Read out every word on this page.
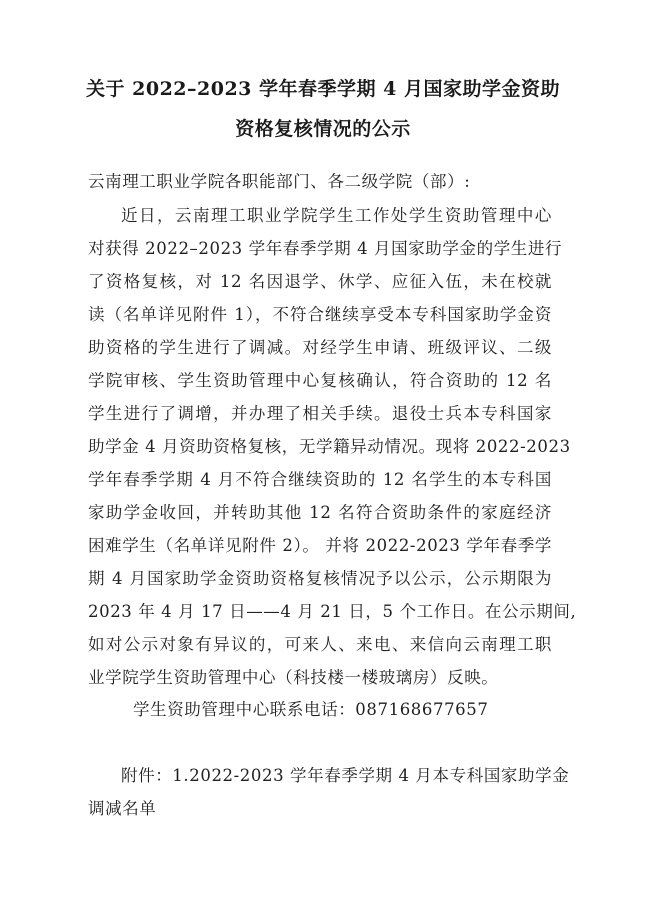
关于 2022–2023 学年春季学期 4 月国家助学金资助
资格复核情况的公示
云南理工职业学院各职能部门、各二级学院（部）:
近日，云南理工职业学院学生工作处学生资助管理中心
对获得 2022–2023 学年春季学期 4 月国家助学金的学生进行
了资格复核，对 12 名因退学、休学、应征入伍，未在校就
读（名单详见附件 1），不符合继续享受本专科国家助学金资
助资格的学生进行了调减。对经学生申请、班级评议、二级
学院审核、学生资助管理中心复核确认，符合资助的 12 名
学生进行了调增，并办理了相关手续。退役士兵本专科国家
助学金 4 月资助资格复核，无学籍异动情况。现将 2022-2023
学年春季学期 4 月不符合继续资助的 12 名学生的本专科国
家助学金收回，并转助其他 12 名符合资助条件的家庭经济
困难学生（名单详见附件 2）。 并将 2022-2023 学年春季学
期 4 月国家助学金资助资格复核情况予以公示，公示期限为
2023 年 4 月 17 日——4 月 21 日，5 个工作日。在公示期间,
如对公示对象有异议的，可来人、来电、来信向云南理工职
业学院学生资助管理中心（科技楼一楼玻璃房）反映。
学生资助管理中心联系电话：087168677657
附件：1.2022-2023 学年春季学期 4 月本专科国家助学金
调减名单
